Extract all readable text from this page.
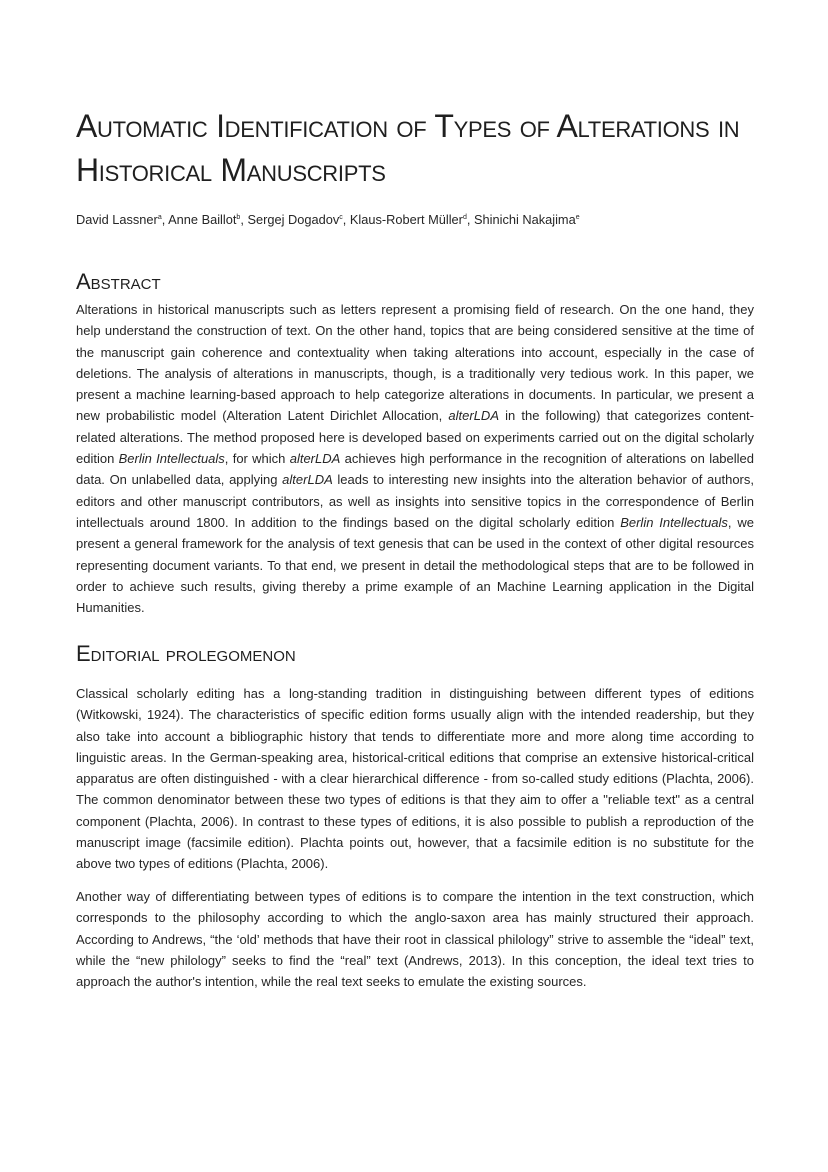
Automatic Identification of Types of Alterations in Historical Manuscripts
David Lassner$^a$, Anne Baillot$^b$, Sergej Dogadov$^c$, Klaus-Robert Müller$^d$, Shinichi Nakajima$^e$
Abstract

Alterations in historical manuscripts such as letters represent a promising field of research. On the one hand, they help understand the construction of text. On the other hand, topics that are being considered sensitive at the time of the manuscript gain coherence and contextuality when taking alterations into account, especially in the case of deletions. The analysis of alterations in manuscripts, though, is a traditionally very tedious work. In this paper, we present a machine learning-based approach to help categorize alterations in documents. In particular, we present a new probabilistic model (Alteration Latent Dirichlet Allocation, alterLDA in the following) that categorizes content-related alterations. The method proposed here is developed based on experiments carried out on the digital scholarly edition Berlin Intellectuals, for which alterLDA achieves high performance in the recognition of alterations on labelled data. On unlabelled data, applying alterLDA leads to interesting new insights into the alteration behavior of authors, editors and other manuscript contributors, as well as insights into sensitive topics in the correspondence of Berlin intellectuals around 1800. In addition to the findings based on the digital scholarly edition Berlin Intellectuals, we present a general framework for the analysis of text genesis that can be used in the context of other digital resources representing document variants. To that end, we present in detail the methodological steps that are to be followed in order to achieve such results, giving thereby a prime example of an Machine Learning application in the Digital Humanities.

Editorial prolegomenon

Classical scholarly editing has a long-standing tradition in distinguishing between different types of editions (Witkowski, 1924). The characteristics of specific edition forms usually align with the intended readership, but they also take into account a bibliographic history that tends to differentiate more and more along time according to linguistic areas. In the German-speaking area, historical-critical editions that comprise an extensive historical-critical apparatus are often distinguished - with a clear hierarchical difference - from so-called study editions (Plachta, 2006). The common denominator between these two types of editions is that they aim to offer a "reliable text" as a central component (Plachta, 2006). In contrast to these types of editions, it is also possible to publish a reproduction of the manuscript image (facsimile edition). Plachta points out, however, that a facsimile edition is no substitute for the above two types of editions (Plachta, 2006).

Another way of differentiating between types of editions is to compare the intention in the text construction, which corresponds to the philosophy according to which the anglo-saxon area has mainly structured their approach. According to Andrews, “the ‘old’ methods that have their root in classical philology” strive to assemble the “ideal” text, while the “new philology” seeks to find the “real” text (Andrews, 2013). In this conception, the ideal text tries to approach the author's intention, while the real text seeks to emulate the existing sources.
